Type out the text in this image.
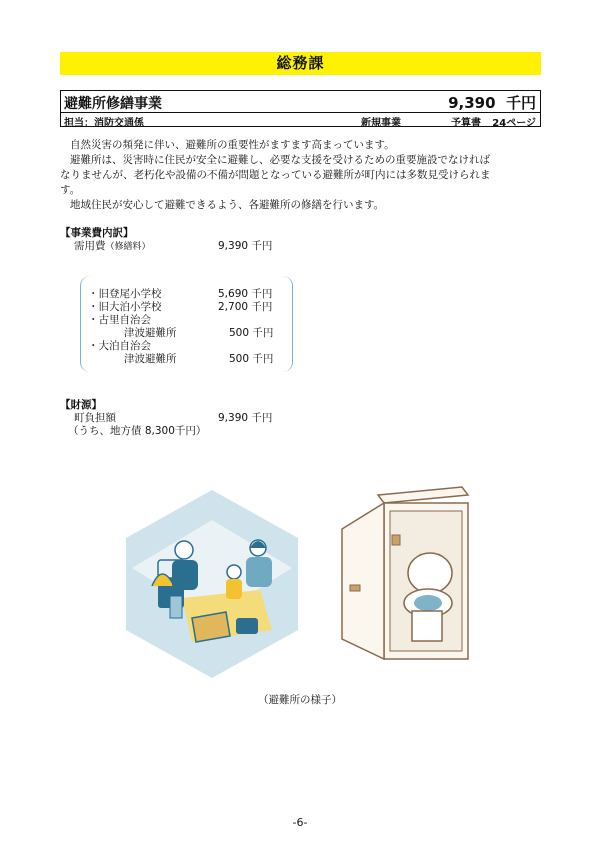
総務課
避難所修繕事業	9,390 千円
担当：消防交通係	新規事業	予算書 24ページ

自然災害の頻発に伴い、避難所の重要性がますます高まっています。

避難所は、災害時に住民が安全に避難し、必要な支援を受けるための重要施設でなければ

なりませんが、老朽化や設備の不備が問題となっている避難所が町内には多数見受けられま

す。

地域住民が安心して避難できるよう、各避難所の修繕を行います。

【事業費内訳】
需用費（修繕料）	9,390 千円
・旧登尾小学校	5,690 千円
・旧大泊小学校	2,700 千円
・古里自治会
津波避難所	500 千円
・大泊自治会
津波避難所	500 千円
【財源】
町負担額	9,390 千円
（うち、地方債 8,300千円）
（避難所の様子）
-6-
